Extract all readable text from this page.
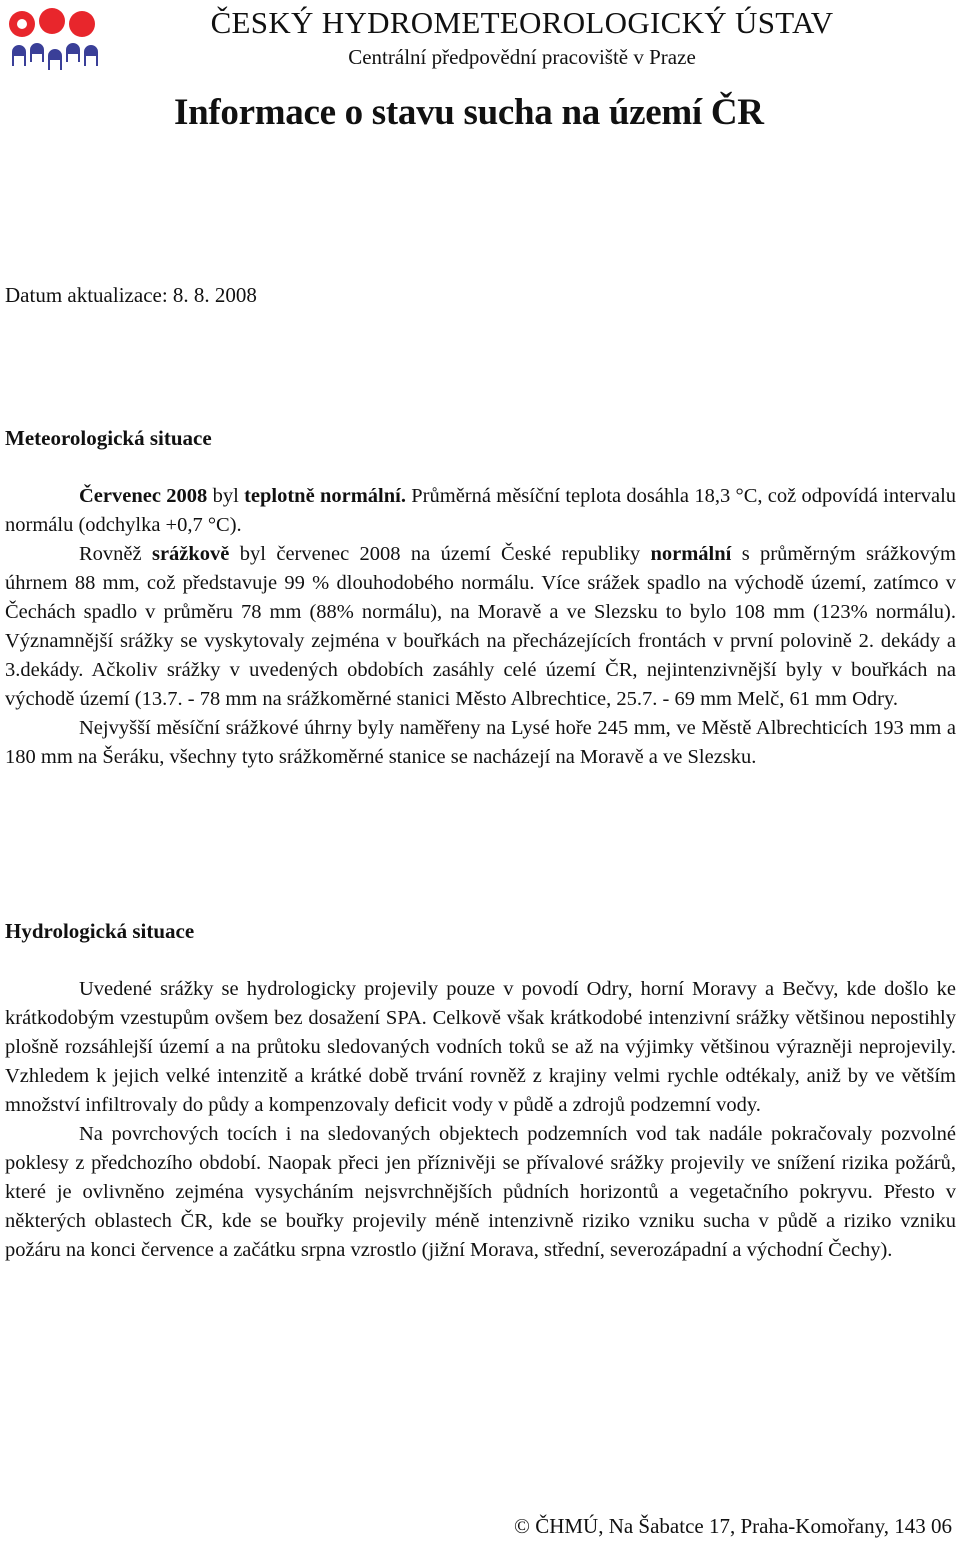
ČESKÝ HYDROMETEOROLOGICKÝ ÚSTAV
Centrální předpovědní pracoviště v Praze
Informace o stavu sucha na území ČR
Datum aktualizace: 8. 8. 2008
Meteorologická situace

Červenec 2008 byl teplotně normální. Průměrná měsíční teplota dosáhla 18,3 °C, což odpovídá intervalu normálu (odchylka +0,7 °C).

Rovněž srážkově byl červenec 2008 na území České republiky normální s průměrným srážkovým úhrnem 88 mm, což představuje 99 % dlouhodobého normálu. Více srážek spadlo na východě území, zatímco v Čechách spadlo v průměru 78 mm (88% normálu), na Moravě a ve Slezsku to bylo 108 mm (123% normálu). Významnější srážky se vyskytovaly zejména v bouřkách na přecházejících frontách v první polovině 2. dekády a 3.dekády. Ačkoliv srážky v uvedených obdobích zasáhly celé území ČR, nejintenzivnější byly v bouřkách na východě území (13.7. - 78 mm na srážkoměrné stanici Město Albrechtice, 25.7. - 69 mm Melč, 61 mm Odry.

Nejvyšší měsíční srážkové úhrny byly naměřeny na Lysé hoře 245 mm, ve Městě Albrechticích 193 mm a 180 mm na Šeráku, všechny tyto srážkoměrné stanice se nacházejí na Moravě a ve Slezsku.

Hydrologická situace

Uvedené srážky se hydrologicky projevily pouze v povodí Odry, horní Moravy a Bečvy, kde došlo ke krátkodobým vzestupům ovšem bez dosažení SPA. Celkově však krátkodobé intenzivní srážky většinou nepostihly plošně rozsáhlejší území a na průtoku sledovaných vodních toků se až na výjimky většinou výrazněji neprojevily. Vzhledem k jejich velké intenzitě a krátké době trvání rovněž z krajiny velmi rychle odtékaly, aniž by ve větším množství infiltrovaly do půdy a kompenzovaly deficit vody v půdě a zdrojů podzemní vody.

Na povrchových tocích i na sledovaných objektech podzemních vod tak nadále pokračovaly pozvolné poklesy z předchozího období. Naopak přeci jen příznivěji se přívalové srážky projevily ve snížení rizika požárů, které je ovlivněno zejména vysycháním nejsvrchnějších půdních horizontů a vegetačního pokryvu. Přesto v některých oblastech ČR, kde se bouřky projevily méně intenzivně riziko vzniku sucha v půdě a riziko vzniku požáru na konci července a začátku srpna vzrostlo (jižní Morava, střední, severozápadní a východní Čechy).

© ČHMÚ, Na Šabatce 17, Praha-Komořany, 143 06
